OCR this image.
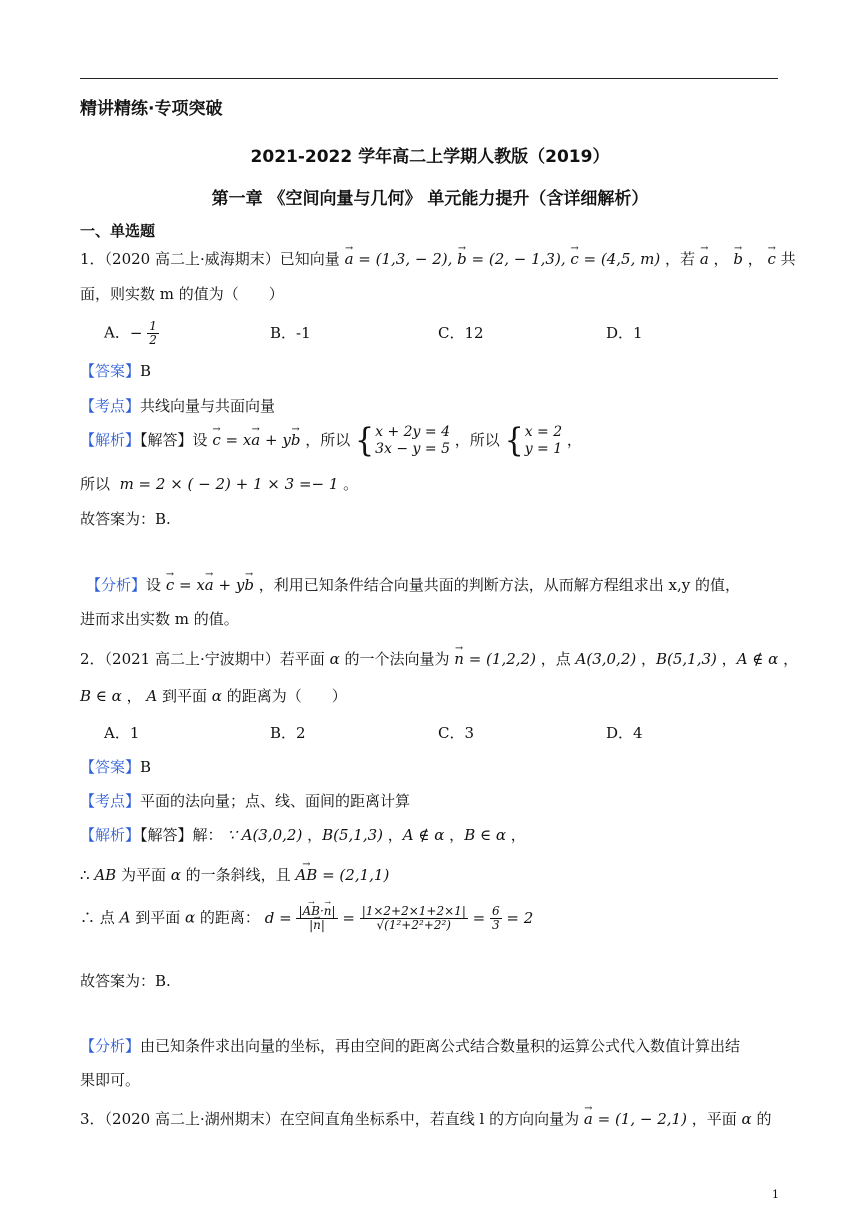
精讲精练·专项突破
2021-2022 学年高二上学期人教版（2019）
第一章 《空间向量与几何》 单元能力提升（含详细解析）
一、单选题
1．（2020 高二上·威海期末）已知向量 → a = (1,3, − 2), → b = (2, − 1,3), → c = (4,5, m) ，若 → a ， → b ， → c 共
面，则实数 m 的值为（　　）
A．− $\frac{1}{2}$	B．-1	C．12	D．1
【答案】B
【考点】共线向量与共面向量
【解析】【解答】设 → c = x→ a + y→ b ，所以 { x + 2y = 4
3x − y = 5 ，所以 { x = 2
y = 1 ，
所以  m = 2 × ( − 2) + 1 × 3 =− 1 。
故答案为：B.
【分析】设 → c = x→ a + y→ b ，利用已知条件结合向量共面的判断方法，从而解方程组求出 x,y 的值，
进而求出实数 m 的值。
2．（2021 高二上·宁波期中）若平面 α 的一个法向量为 → n = (1,2,2) ，点 A(3,0,2) ，B(5,1,3) ，A ∉ α ，
B ∈ α ， A 到平面 α 的距离为（　　）
A．1	B．2	C．3	D．4
【答案】B
【考点】平面的法向量；点、线、面间的距离计算
【解析】【解答】解： ∵ A(3,0,2) ，B(5,1,3) ，A ∉ α ，B ∈ α ，
∴ AB 为平面 α 的一条斜线，且 → AB = (2,1,1)
∴ 点 A 到平面 α 的距离： $d = \frac{|\to AB\cdot\to n|}{|\to n|} = \frac{|1\times 2+2\times 1+2\times 1|}{\text{√(1²+2²+2²)}} = \frac{6}{3} = 2$
故答案为：B.
【分析】由已知条件求出向量的坐标，再由空间的距离公式结合数量积的运算公式代入数值计算出结
果即可。
3．（2020 高二上·湖州期末）在空间直角坐标系中，若直线 l 的方向向量为 → a = (1, − 2,1) ，平面 α 的
1
